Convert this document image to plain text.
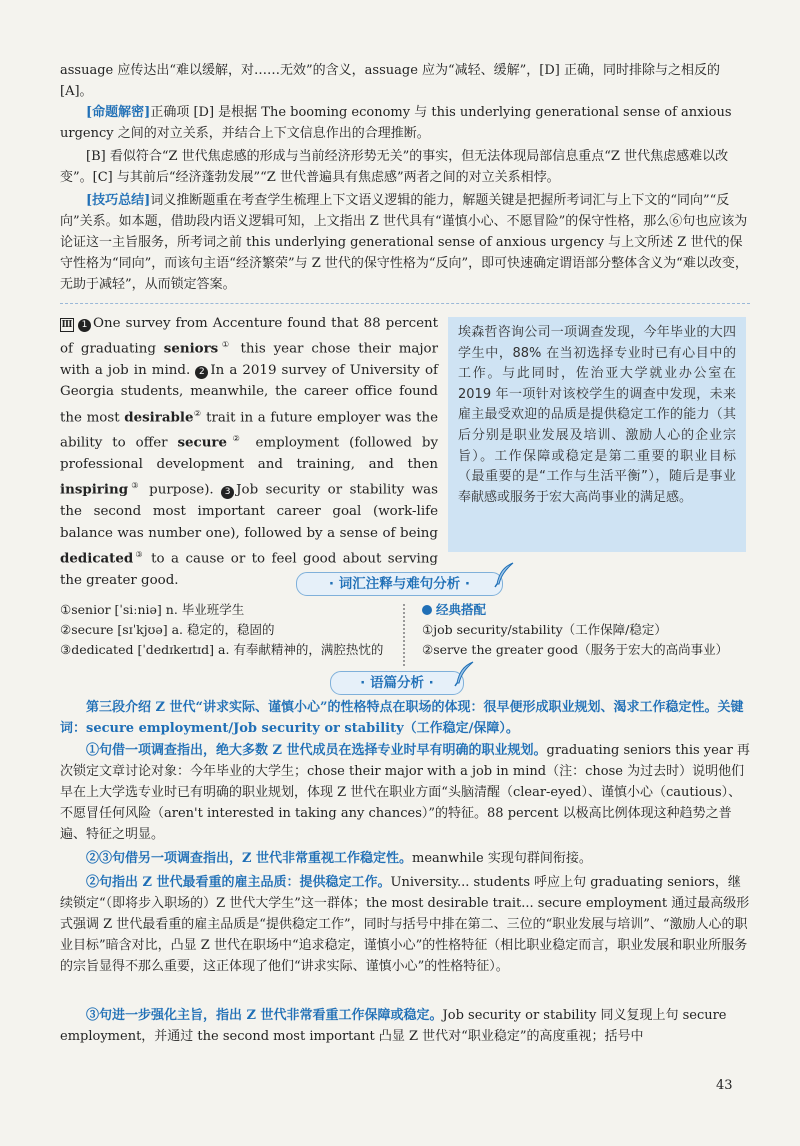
assuage 应传达出“难以缓解，对……无效”的含义，assuage 应为“减轻、缓解”，[D] 正确，同时排除与之相反的 [A]。

[命题解密]正确项 [D] 是根据 The booming economy 与 this underlying generational sense of anxious urgency 之间的对立关系，并结合上下文信息作出的合理推断。

[B] 看似符合“Z 世代焦虑感的形成与当前经济形势无关”的事实，但无法体现局部信息重点“Z 世代焦虑感难以改变”。[C] 与其前后“经济蓬勃发展”“Z 世代普遍具有焦虑感”两者之间的对立关系相悖。

[技巧总结]词义推断题重在考查学生梳理上下文语义逻辑的能力，解题关键是把握所考词汇与上下文的“同向”“反向”关系。如本题，借助段内语义逻辑可知，上文指出 Z 世代具有“谨慎小心、不愿冒险”的保守性格，那么⑥句也应该为论证这一主旨服务，所考词之前 this underlying generational sense of anxious urgency 与上文所述 Z 世代的保守性格为“同向”，而该句主语“经济繁荣”与 Z 世代的保守性格为“反向”，即可快速确定谓语部分整体含义为“难以改变，无助于减轻”，从而锁定答案。

Ⅲ 1 One survey from Accenture found that 88 percent of graduating seniors① this year chose their major with a job in mind. 2 In a 2019 survey of University of Georgia students, meanwhile, the career office found the most desirable② trait in a future employer was the ability to offer secure② employment (followed by professional development and training, and then inspiring③ purpose). 3 Job security or stability was the second most important career goal (work-life balance was number one), followed by a sense of being dedicated③ to a cause or to feel good about serving the greater good.

埃森哲咨询公司一项调查发现，今年毕业的大四学生中，88% 在当初选择专业时已有心目中的工作。与此同时，佐治亚大学就业办公室在 2019 年一项针对该校学生的调查中发现，未来雇主最受欢迎的品质是提供稳定工作的能力（其后分别是职业发展及培训、激励人心的企业宗旨）。工作保障或稳定是第二重要的职业目标（最重要的是“工作与生活平衡”），随后是事业奉献感或服务于宏大高尚事业的满足感。
· 词汇注释与难句分析 ·
①senior [ˈsiːniə] n. 毕业班学生
②secure [sɪˈkjʊə] a. 稳定的，稳固的
③dedicated [ˈdedɪkeɪtɪd] a. 有奉献精神的，满腔热忱的
经典搭配
①job security/stability（工作保障/稳定）
②serve the greater good（服务于宏大的高尚事业）
· 语篇分析 ·

第三段介绍 Z 世代“讲求实际、谨慎小心”的性格特点在职场的体现：很早便形成职业规划、渴求工作稳定性。关键词：secure employment/Job security or stability（工作稳定/保障）。

①句借一项调查指出，绝大多数 Z 世代成员在选择专业时早有明确的职业规划。graduating seniors this year 再次锁定文章讨论对象：今年毕业的大学生；chose their major with a job in mind（注：chose 为过去时）说明他们早在上大学选专业时已有明确的职业规划，体现 Z 世代在职业方面“头脑清醒（clear-eyed）、谨慎小心（cautious）、不愿冒任何风险（aren't interested in taking any chances）”的特征。88 percent 以极高比例体现这种趋势之普遍、特征之明显。

②③句借另一项调查指出，Z 世代非常重视工作稳定性。meanwhile 实现句群间衔接。

②句指出 Z 世代最看重的雇主品质：提供稳定工作。University... students 呼应上句 graduating seniors，继续锁定“（即将步入职场的）Z 世代大学生”这一群体；the most desirable trait... secure employment 通过最高级形式强调 Z 世代最看重的雇主品质是“提供稳定工作”，同时与括号中排在第二、三位的“职业发展与培训”、“激励人心的职业目标”暗含对比，凸显 Z 世代在职场中“追求稳定，谨慎小心”的性格特征（相比职业稳定而言，职业发展和职业所服务的宗旨显得不那么重要，这正体现了他们“讲求实际、谨慎小心”的性格特征）。

③句进一步强化主旨，指出 Z 世代非常看重工作保障或稳定。Job security or stability 同义复现上句 secure employment，并通过 the second most important 凸显 Z 世代对“职业稳定”的高度重视；括号中

43
